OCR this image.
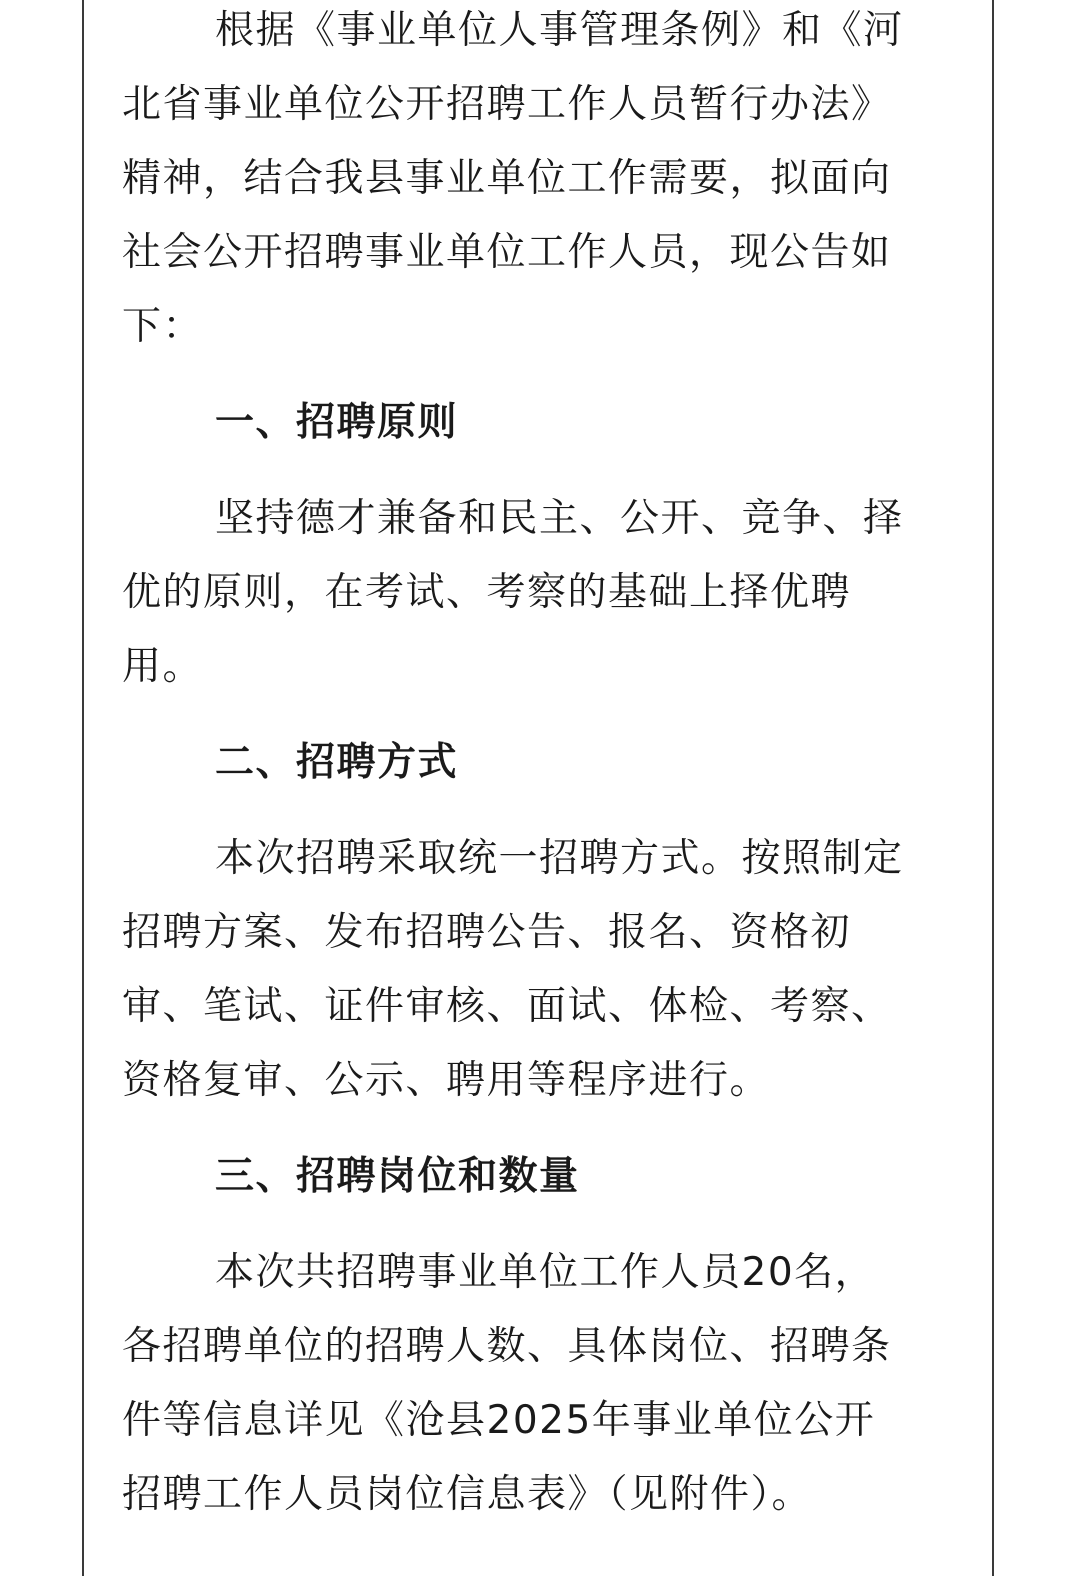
根据《事业单位人事管理条例》和《河
北省事业单位公开招聘工作人员暂行办法》
精神，结合我县事业单位工作需要，拟面向
社会公开招聘事业单位工作人员，现公告如
下：

一、招聘原则

坚持德才兼备和民主、公开、竞争、择
优的原则，在考试、考察的基础上择优聘
用。

二、招聘方式

本次招聘采取统一招聘方式。按照制定
招聘方案、发布招聘公告、报名、资格初
审、笔试、证件审核、面试、体检、考察、
资格复审、公示、聘用等程序进行。

三、招聘岗位和数量

本次共招聘事业单位工作人员20名，
各招聘单位的招聘人数、具体岗位、招聘条
件等信息详见《沧县2025年事业单位公开
招聘工作人员岗位信息表》（见附件）。
